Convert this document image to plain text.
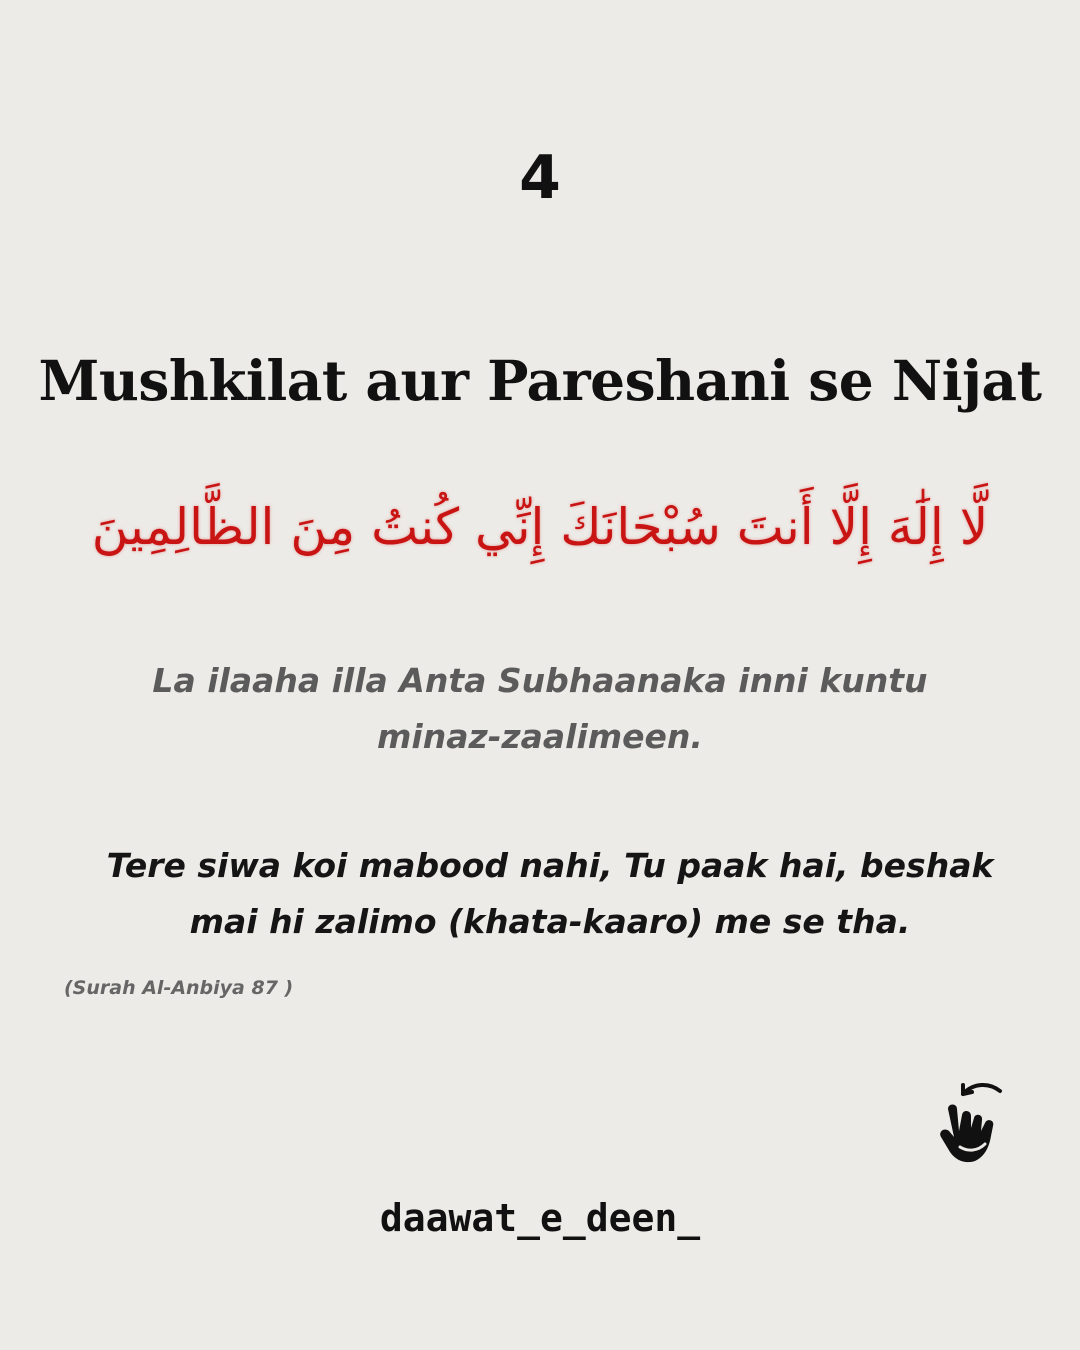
4
Mushkilat aur Pareshani se Nijat
لَّا إِلَٰهَ إِلَّا أَنتَ سُبْحَانَكَ إِنِّي كُنتُ مِنَ الظَّالِمِينَ

La ilaaha illa Anta Subhaanaka inni kuntu minaz-zaalimeen.

Tere siwa koi mabood nahi, Tu paak hai, beshak mai hi zalimo (khata-kaaro) me se tha.

(Surah Al-Anbiya 87 )
daawat_e_deen_
